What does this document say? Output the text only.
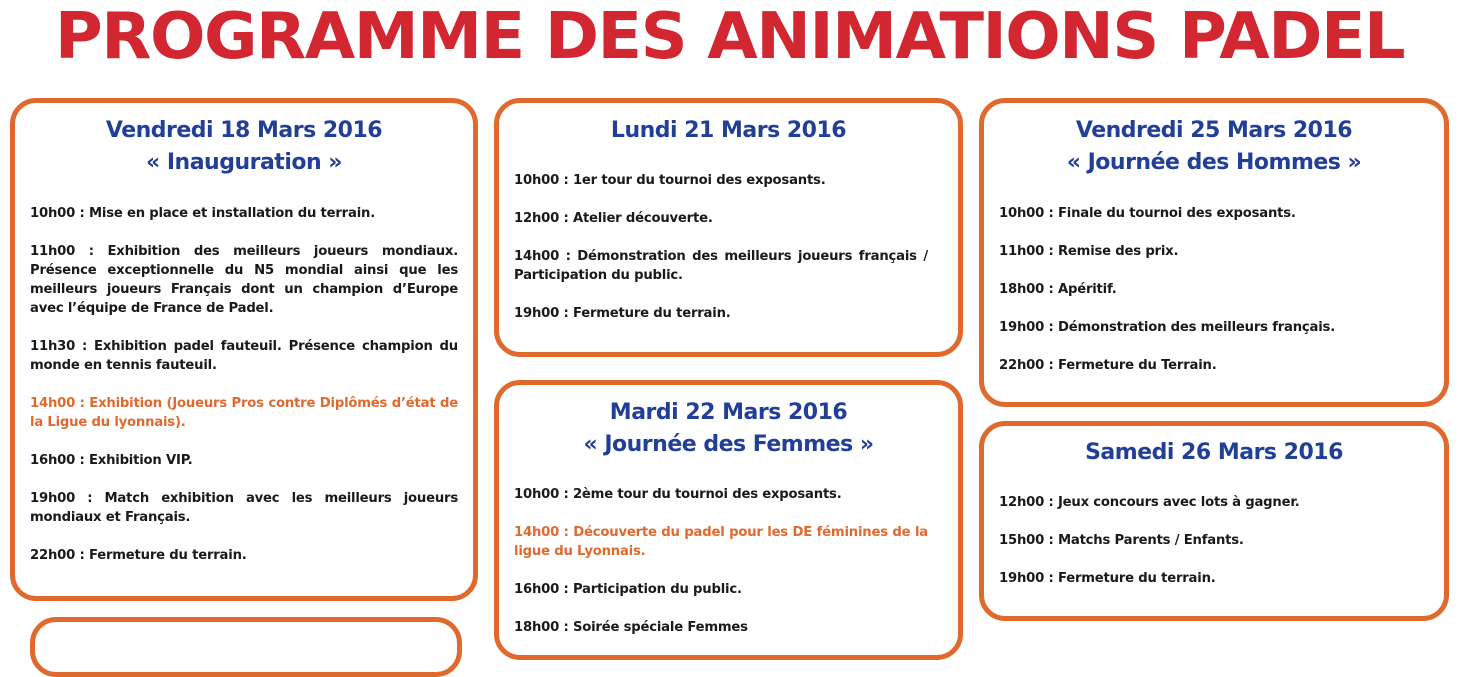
PROGRAMME DES ANIMATIONS PADEL
Vendredi 18 Mars 2016
« Inauguration »
10h00 : Mise en place et installation du terrain.
11h00 : Exhibition des meilleurs joueurs mondiaux. Présence exceptionnelle du N5 mondial ainsi que les meilleurs joueurs Français dont un champion d’Europe avec l’équipe de France de Padel.
11h30 : Exhibition padel fauteuil. Présence champion du monde en tennis fauteuil.
14h00 : Exhibition (Joueurs Pros contre Diplômés d’état de la Ligue du lyonnais).
16h00 : Exhibition VIP.
19h00 : Match exhibition avec les meilleurs joueurs mondiaux et Français.
22h00 : Fermeture du terrain.
Lundi 21 Mars 2016
10h00 : 1er tour du tournoi des exposants.
12h00 : Atelier découverte.
14h00 : Démonstration des meilleurs joueurs français / Participation du public.
19h00 : Fermeture du terrain.
Mardi 22 Mars 2016
« Journée des Femmes »
10h00 : 2ème tour du tournoi des exposants.
14h00 : Découverte du padel pour les DE féminines de la ligue du Lyonnais.
16h00 : Participation du public.
18h00 : Soirée spéciale Femmes
Vendredi 25 Mars 2016
« Journée des Hommes »
10h00 : Finale du tournoi des exposants.
11h00 : Remise des prix.
18h00 : Apéritif.
19h00 : Démonstration des meilleurs français.
22h00 : Fermeture du Terrain.
Samedi 26 Mars 2016
12h00 : Jeux concours avec lots à gagner.
15h00 : Matchs Parents / Enfants.
19h00 : Fermeture du terrain.
